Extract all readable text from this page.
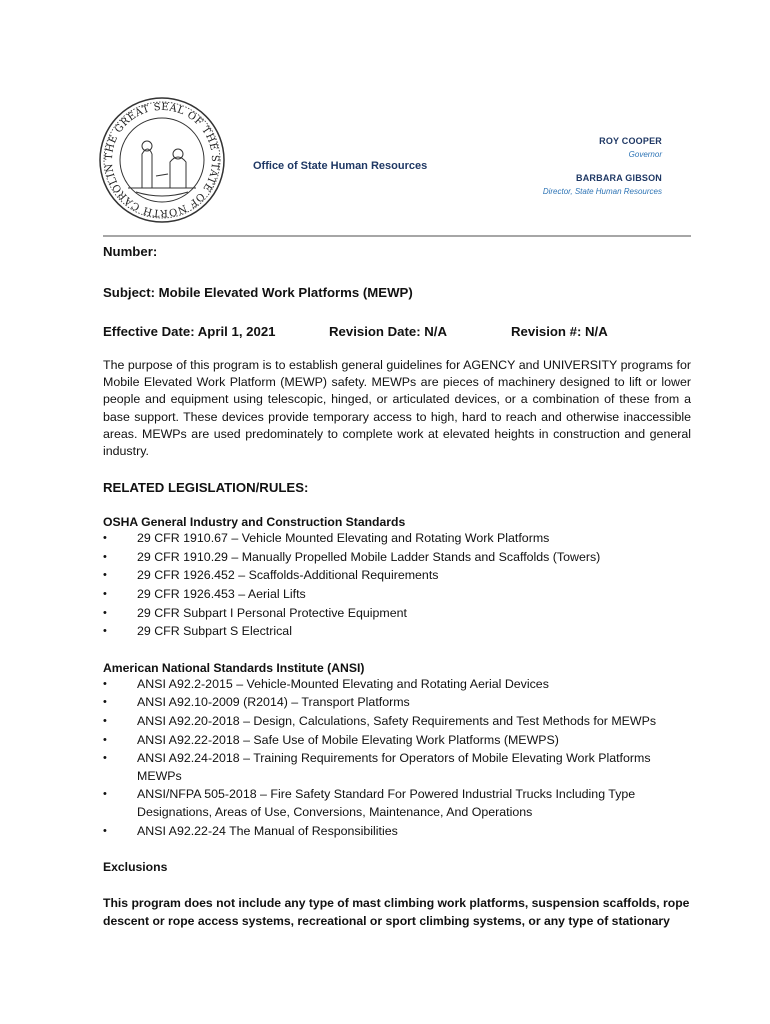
THE GREAT SEAL OF THE STATE OF NORTH CAROLIN	Office of State Human Resources
ROY COOPER
Governor
BARBARA GIBSON
Director, State Human Resources
Number:
Subject: Mobile Elevated Work Platforms (MEWP)
Effective Date: April 1, 2021	Revision Date: N/A	Revision #: N/A

The purpose of this program is to establish general guidelines for AGENCY and UNIVERSITY programs for Mobile Elevated Work Platform (MEWP) safety. MEWPs are pieces of machinery designed to lift or lower people and equipment using telescopic, hinged, or articulated devices, or a combination of these from a base support. These devices provide temporary access to high, hard to reach and otherwise inaccessible areas. MEWPs are used predominately to complete work at elevated heights in construction and general industry.

RELATED LEGISLATION/RULES:
OSHA General Industry and Construction Standards
• 29 CFR 1910.67 – Vehicle Mounted Elevating and Rotating Work Platforms
• 29 CFR 1910.29 – Manually Propelled Mobile Ladder Stands and Scaffolds (Towers)
• 29 CFR 1926.452 – Scaffolds-Additional Requirements
• 29 CFR 1926.453 – Aerial Lifts
• 29 CFR Subpart I Personal Protective Equipment
• 29 CFR Subpart S Electrical
American National Standards Institute (ANSI)
• ANSI A92.2-2015 – Vehicle-Mounted Elevating and Rotating Aerial Devices
• ANSI A92.10-2009 (R2014) – Transport Platforms
• ANSI A92.20-2018 – Design, Calculations, Safety Requirements and Test Methods for MEWPs
• ANSI A92.22-2018 – Safe Use of Mobile Elevating Work Platforms (MEWPS)
• ANSI A92.24-2018 – Training Requirements for Operators of Mobile Elevating Work Platforms MEWPs
• ANSI/NFPA 505-2018 – Fire Safety Standard For Powered Industrial Trucks Including Type Designations, Areas of Use, Conversions, Maintenance, And Operations
• ANSI A92.22-24 The Manual of Responsibilities
Exclusions
This program does not include any type of mast climbing work platforms, suspension scaffolds, rope descent or rope access systems, recreational or sport climbing systems, or any type of stationary
